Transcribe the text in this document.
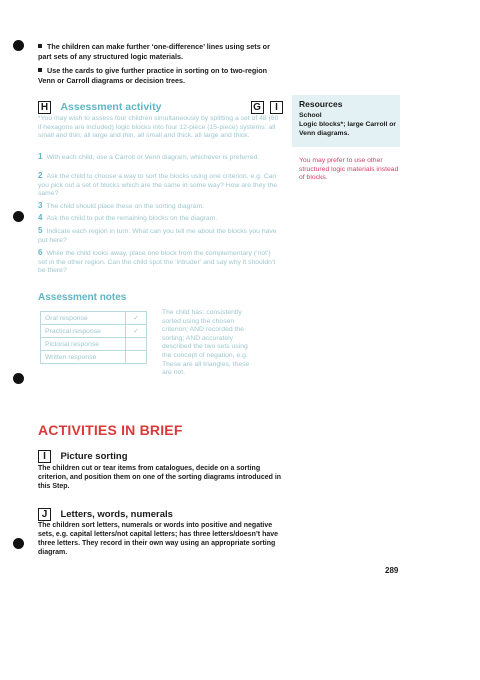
The children can make further ‘one-difference’ lines using sets or part sets of any structured logic materials.
Use the cards to give further practice in sorting on to two-region Venn or Carroll diagrams or decision trees.
H Assessment activity	G I
*You may wish to assess four children simultaneously by splitting a set of 48 (60 if hexagons are included) logic blocks into four 12-piece (15-piece) systems: all small and thin, all large and thin, all small and thick, all large and thick.
1 With each child, use a Carroll or Venn diagram, whichever is preferred.
2 Ask the child to choose a way to sort the blocks using one criterion, e.g. Can you pick out a set of blocks which are the same in some way? How are they the same?
3 The child should place these on the sorting diagram.
4 Ask the child to put the remaining blocks on the diagram.
5 Indicate each region in turn. What can you tell me about the blocks you have put here?
6 While the child looks away, place one block from the complementary (‘not’) set in the other region. Can the child spot the ‘intruder’ and say why it shouldn’t be there?
Resources
School
Logic blocks*; large Carroll or Venn diagrams.
You may prefer to use other structured logic materials instead of blocks.
Assessment notes
Oral response	✓
Practical response	✓
Pictorial response	
Written response	
The child has: consistently sorted using the chosen criterion; AND recorded the sorting; AND accurately described the two sets using the concept of negation, e.g. These are all triangles, these are not.
ACTIVITIES IN BRIEF
I Picture sorting
The children cut or tear items from catalogues, decide on a sorting criterion, and position them on one of the sorting diagrams introduced in this Step.
J Letters, words, numerals
The children sort letters, numerals or words into positive and negative sets, e.g. capital letters/not capital letters; has three letters/doesn’t have three letters. They record in their own way using an appropriate sorting diagram.
289
